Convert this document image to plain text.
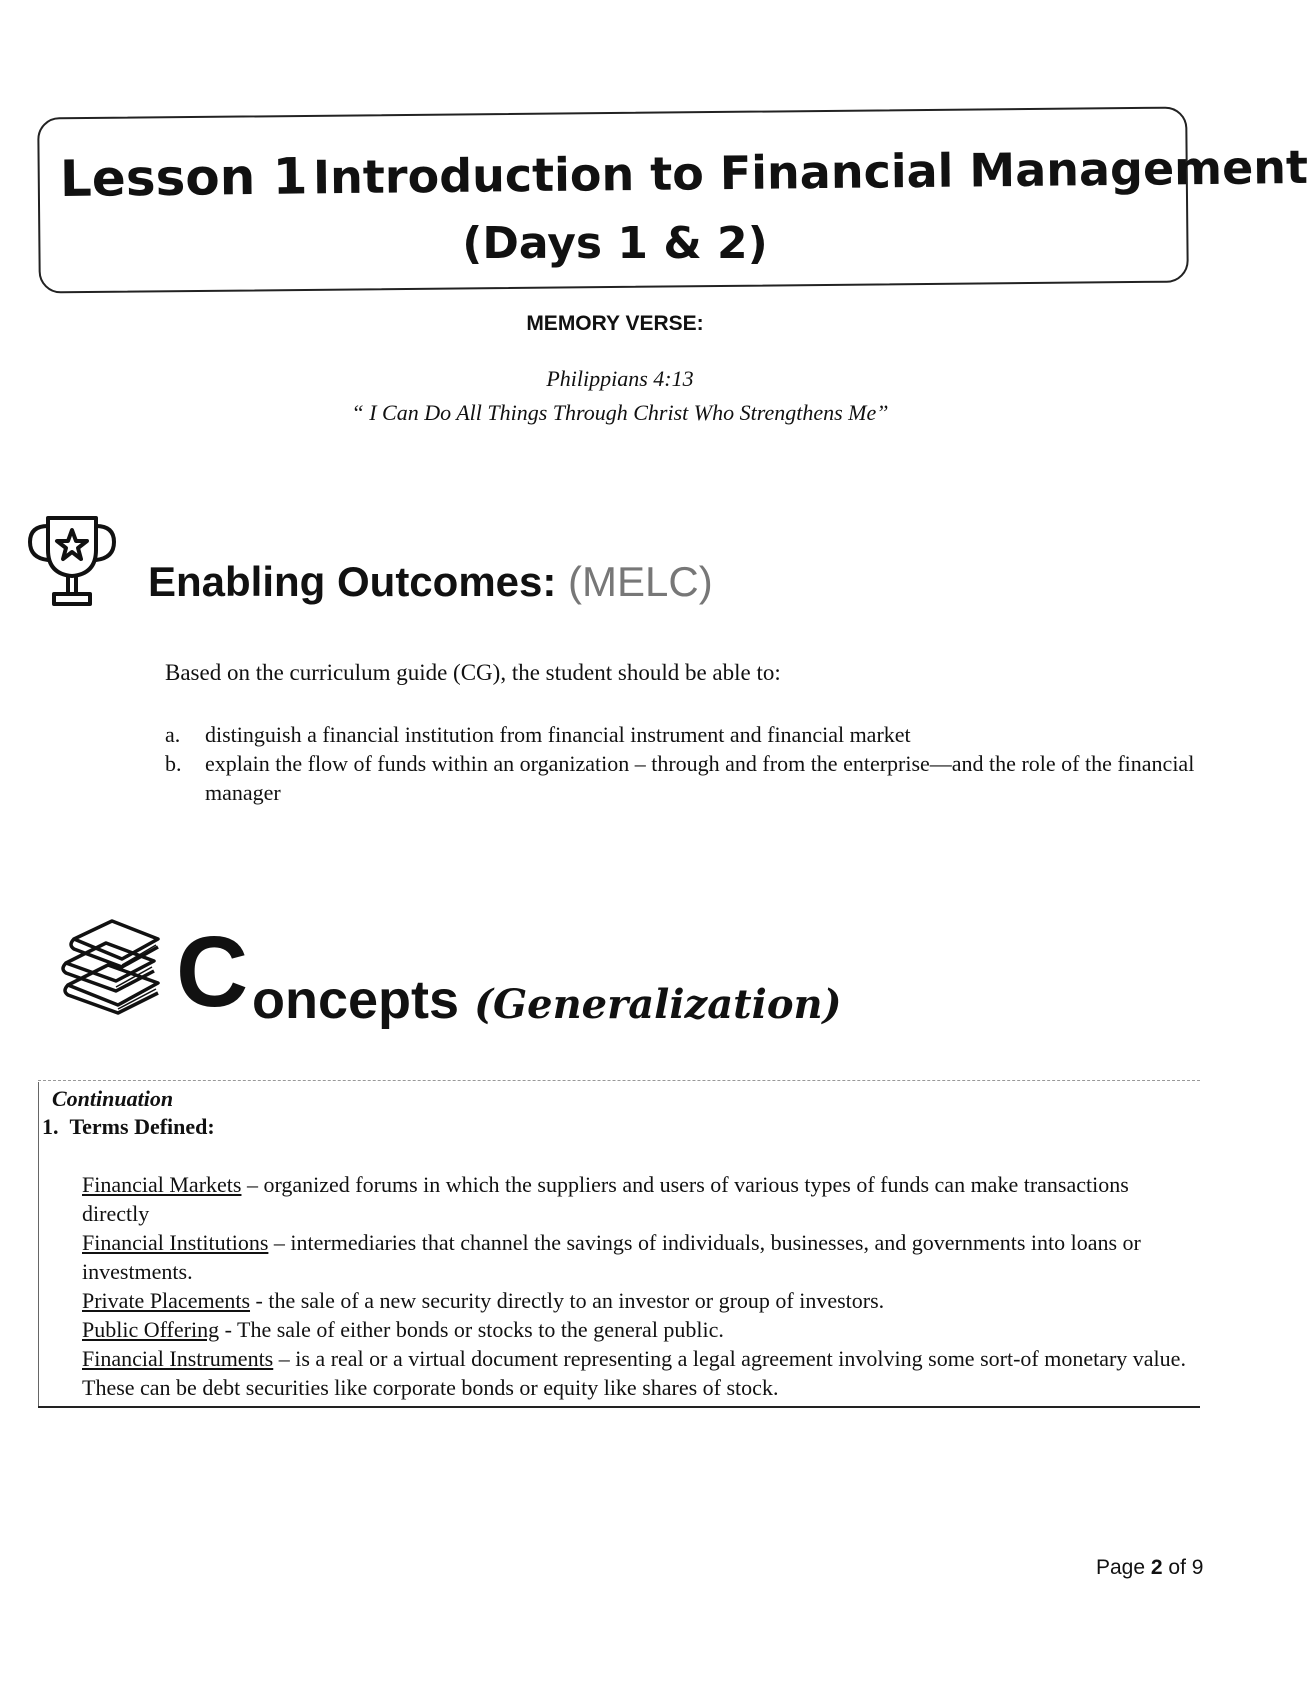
Lesson 1 Introduction to Financial Management
(Days 1 & 2)
MEMORY VERSE:
Philippians 4:13
“ I Can Do All Things Through Christ Who Strengthens Me”
Enabling Outcomes: (MELC)
Based on the curriculum guide (CG), the student should be able to:
a.	distinguish a financial institution from financial instrument and financial market
b.	explain the flow of funds within an organization – through and from the enterprise—and the role of the financial manager
C oncepts (Generalization)
Continuation
1. Terms Defined:
Financial Markets – organized forums in which the suppliers and users of various types of funds can make transactions directly
Financial Institutions – intermediaries that channel the savings of individuals, businesses, and governments into loans or investments.
Private Placements - the sale of a new security directly to an investor or group of investors.
Public Offering - The sale of either bonds or stocks to the general public.
Financial Instruments – is a real or a virtual document representing a legal agreement involving some sort-of monetary value. These can be debt securities like corporate bonds or equity like shares of stock.
Page 2 of 9
